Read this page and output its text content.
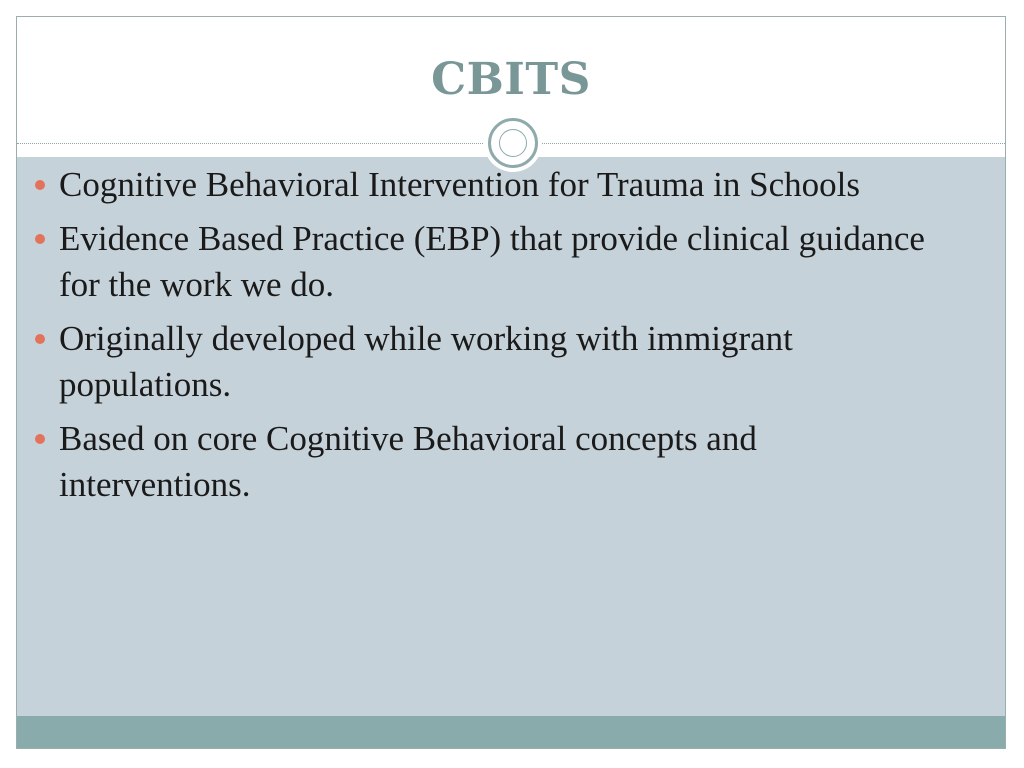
CBITS
Cognitive Behavioral Intervention for Trauma in Schools
Evidence Based Practice (EBP) that provide clinical guidance for the work we do.
Originally developed while working with immigrant populations.
Based on core Cognitive Behavioral concepts and interventions.
